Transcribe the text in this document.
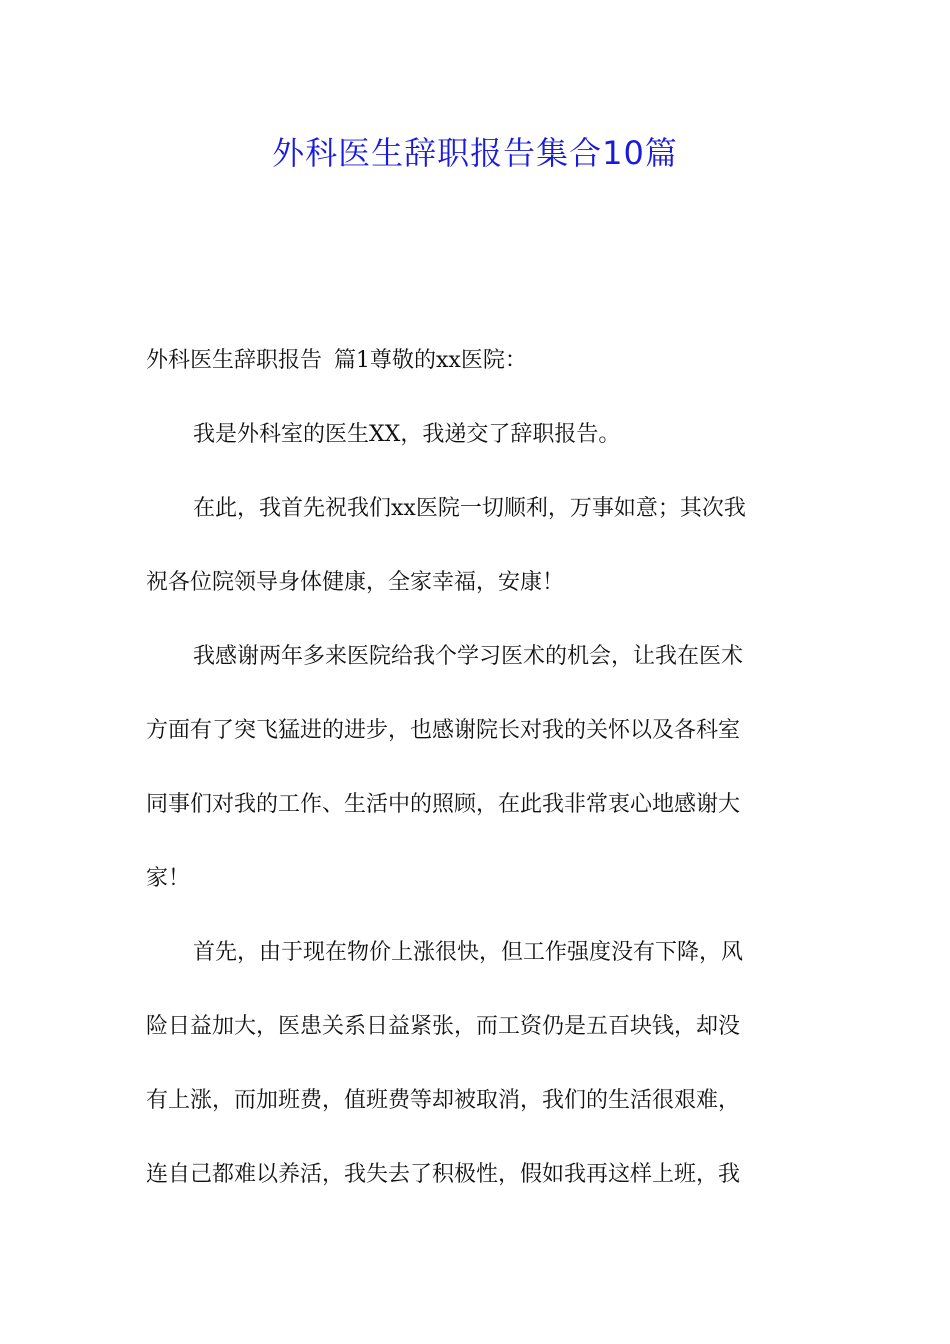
外科医生辞职报告集合10篇
外科医生辞职报告 篇1尊敬的xx医院：
我是外科室的医生XX，我递交了辞职报告。
在此，我首先祝我们xx医院一切顺利，万事如意；其次我
祝各位院领导身体健康，全家幸福，安康！
我感谢两年多来医院给我个学习医术的机会，让我在医术
方面有了突飞猛进的进步，也感谢院长对我的关怀以及各科室
同事们对我的工作、生活中的照顾，在此我非常衷心地感谢大
家！
首先，由于现在物价上涨很快，但工作强度没有下降，风
险日益加大，医患关系日益紧张，而工资仍是五百块钱，却没
有上涨，而加班费，值班费等却被取消，我们的生活很艰难，
连自己都难以养活，我失去了积极性，假如我再这样上班，我
